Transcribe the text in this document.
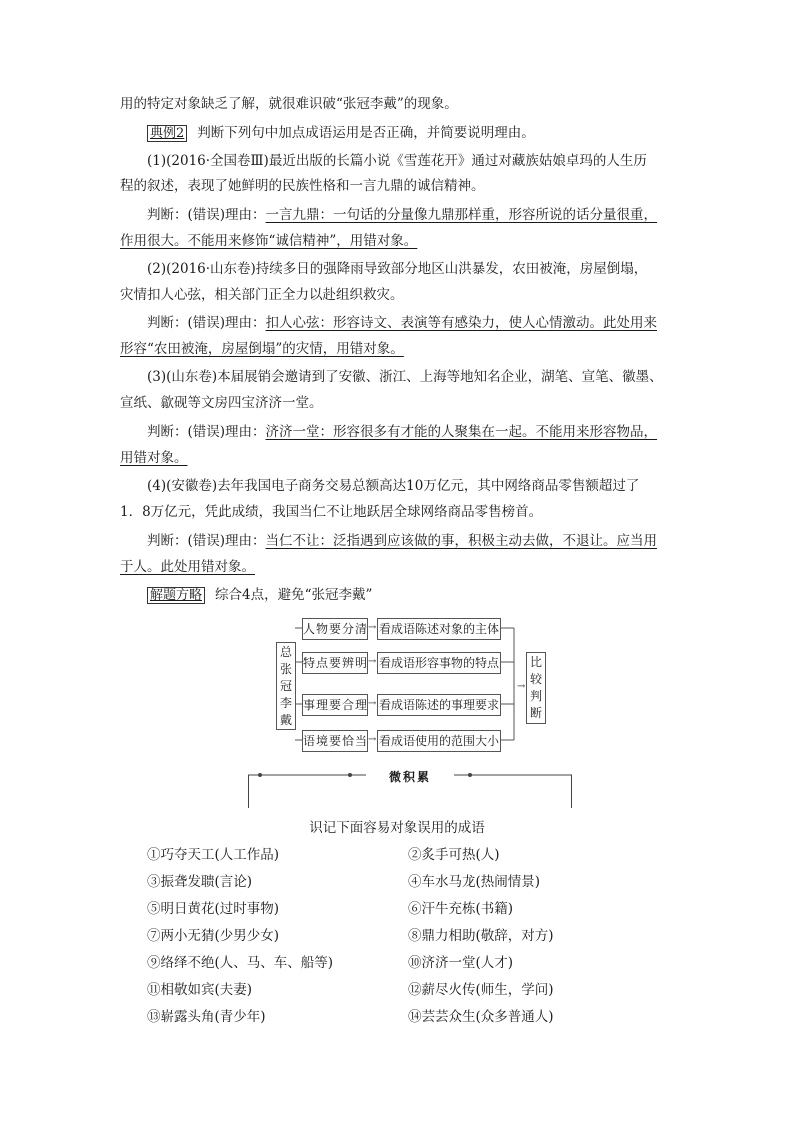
用的特定对象缺乏了解，就很难识破“张冠李戴”的现象。
典例2 判断下列句中加点成语运用是否正确，并简要说明理由。
(1)(2016·全国卷Ⅲ)最近出版的长篇小说《雪莲花开》通过对藏族姑娘卓玛的人生历
程的叙述，表现了她鲜明的民族性格和一言九鼎的诚信精神。
判断：(错误)理由：一言九鼎：一句话的分量像九鼎那样重，形容所说的话分量很重，
作用很大。不能用来修饰“诚信精神”，用错对象。
(2)(2016·山东卷)持续多日的强降雨导致部分地区山洪暴发，农田被淹，房屋倒塌，
灾情扣人心弦，相关部门正全力以赴组织救灾。
判断：(错误)理由：扣人心弦：形容诗文、表演等有感染力，使人心情激动。此处用来
形容“农田被淹，房屋倒塌”的灾情，用错对象。
(3)(山东卷)本届展销会邀请到了安徽、浙江、上海等地知名企业，湖笔、宣笔、徽墨、
宣纸、歙砚等文房四宝济济一堂。
判断：(错误)理由：济济一堂：形容很多有才能的人聚集在一起。不能用来形容物品，
用错对象。
(4)(安徽卷)去年我国电子商务交易总额高达10万亿元，其中网络商品零售额超过了
1．8万亿元，凭此成绩，我国当仁不让地跃居全球网络商品零售榜首。
判断：(错误)理由：当仁不让：泛指遇到应该做的事，积极主动去做，不退让。应当用
于人。此处用错对象。
解题方略 综合4点，避免“张冠李戴”
总
张
冠
李
戴
人物要分清
特点要辨明
事理要合理
语境要恰当
→
→
→
→
看成语陈述对象的主体
看成语形容事物的特点
看成语陈述的事理要求
看成语使用的范围大小
比
较
判
断
→
微积累
识记下面容易对象误用的成语
①巧夺天工(人工作品)
③振聋发聩(言论)
⑤明日黄花(过时事物)
⑦两小无猜(少男少女)
⑨络绎不绝(人、马、车、船等)
⑪相敬如宾(夫妻)
⑬崭露头角(青少年)
②炙手可热(人)
④车水马龙(热闹情景)
⑥汗牛充栋(书籍)
⑧鼎力相助(敬辞，对方)
⑩济济一堂(人才)
⑫薪尽火传(师生，学问)
⑭芸芸众生(众多普通人)
